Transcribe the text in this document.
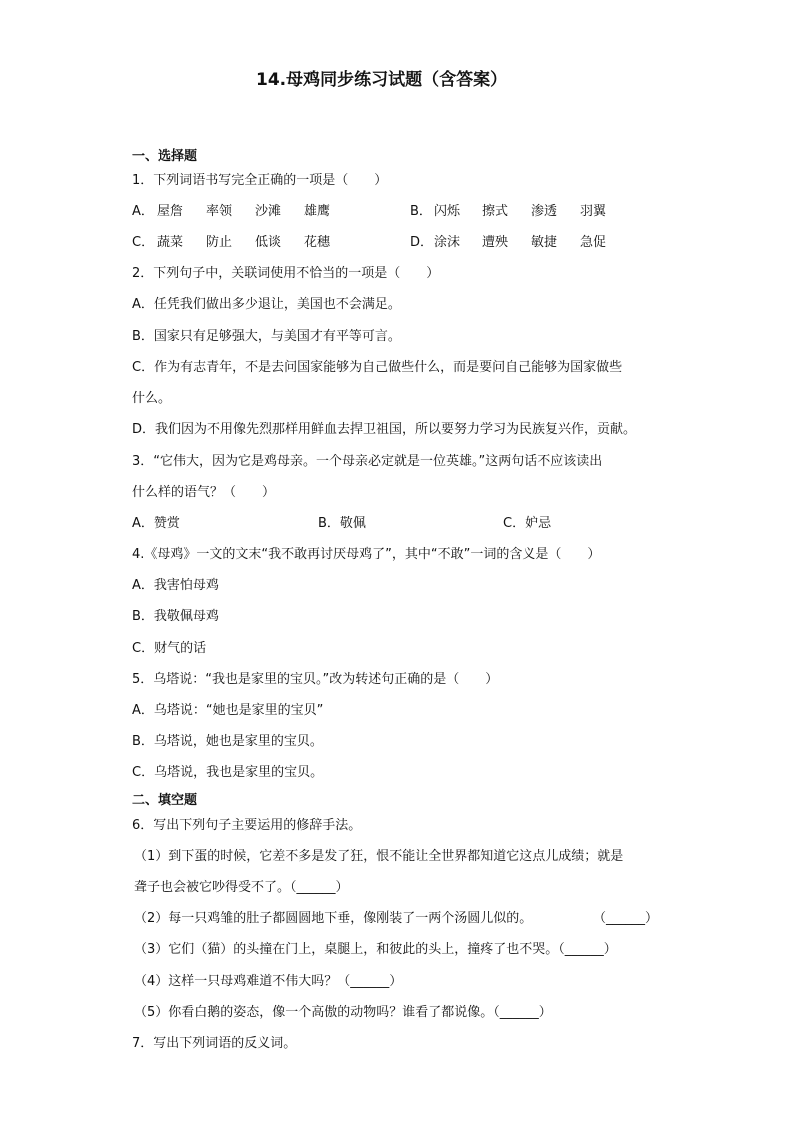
14.母鸡同步练习试题（含答案）
一、选择题
1．下列词语书写完全正确的一项是（　　）
A． 屋詹 率领 沙滩 雄鹰	B． 闪烁 擦式 渗透 羽翼
C． 蔬菜 防止 低谈 花穗	D． 涂沫 遭殃 敏捷 急促
2．下列句子中，关联词使用不恰当的一项是（　　）
A．任凭我们做出多少退让，美国也不会满足。
B．国家只有足够强大，与美国才有平等可言。
C．作为有志青年，不是去问国家能够为自己做些什么，而是要问自己能够为国家做些
什么。
D．我们因为不用像先烈那样用鲜血去捍卫祖国，所以要努力学习为民族复兴作，贡献。
3．“它伟大，因为它是鸡母亲。一个母亲必定就是一位英雄。”这两句话不应该读出
什么样的语气？（　　）
A．赞赏	B．敬佩	C．妒忌
4.《母鸡》一文的文末“我不敢再讨厌母鸡了”，其中“不敢”一词的含义是（　　）
A．我害怕母鸡
B．我敬佩母鸡
C．财气的话
5．乌塔说：“我也是家里的宝贝。”改为转述句正确的是（　　）
A．乌塔说：“她也是家里的宝贝”
B．乌塔说，她也是家里的宝贝。
C．乌塔说，我也是家里的宝贝。
二、填空题
6．写出下列句子主要运用的修辞手法。
（1）到下蛋的时候，它差不多是发了狂，恨不能让全世界都知道它这点儿成绩；就是
聋子也会被它吵得受不了。（______）
（2）每一只鸡雏的肚子都圆圆地下垂，像刚装了一两个汤圆儿似的。	（______）
（3）它们（猫）的头撞在门上，桌腿上，和彼此的头上，撞疼了也不哭。（______）
（4）这样一只母鸡难道不伟大吗？（______）
（5）你看白鹅的姿态，像一个高傲的动物吗？谁看了都说像。（______）
7．写出下列词语的反义词。
